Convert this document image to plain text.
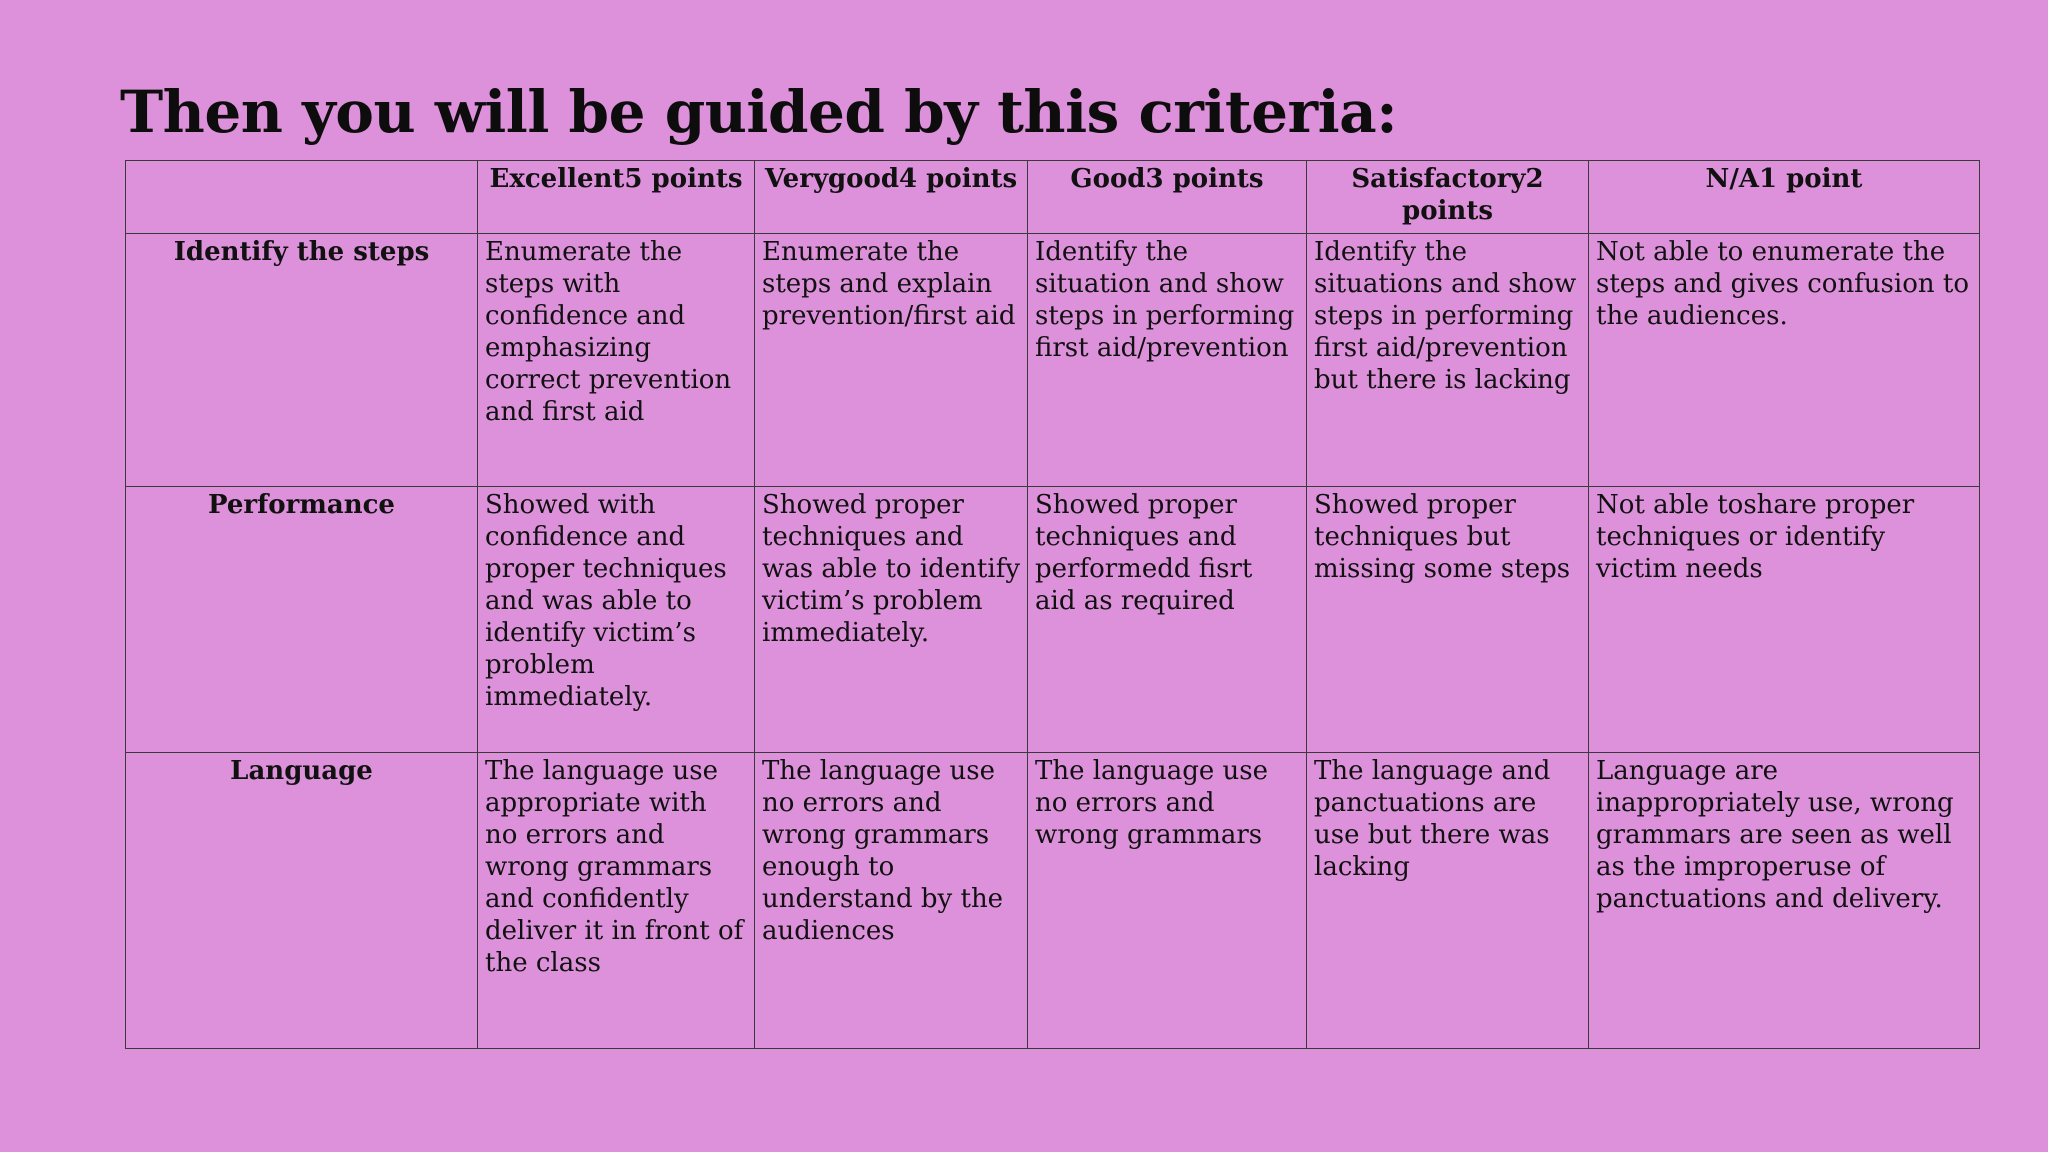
Then you will be guided by this criteria:
	Excellent5 points	Verygood4 points	Good3 points	Satisfactory2 points	N/A1 point
Identify the steps	Enumerate the steps with confidence and emphasizing correct prevention and first aid	Enumerate the steps and explain prevention/first aid	Identify the situation and show steps in performing first aid/prevention	Identify the situations and show steps in performing first aid/prevention but there is lacking	Not able to enumerate the steps and gives confusion to the audiences.
Performance	Showed with confidence and proper techniques and was able to identify victim’s problem immediately.	Showed proper techniques and was able to identify victim’s problem immediately.	Showed proper techniques and performedd fisrt aid as required	Showed proper techniques but missing some steps	Not able toshare proper techniques or identify victim needs
Language	The language use appropriate with no errors and wrong grammars and confidently deliver it in front of the class	The language use no errors and wrong grammars enough to understand by the audiences	The language use no errors and wrong grammars	The language and panctuations are use but there was lacking	Language are inappropriately use, wrong grammars are seen as well as the improperuse of panctuations and delivery.
